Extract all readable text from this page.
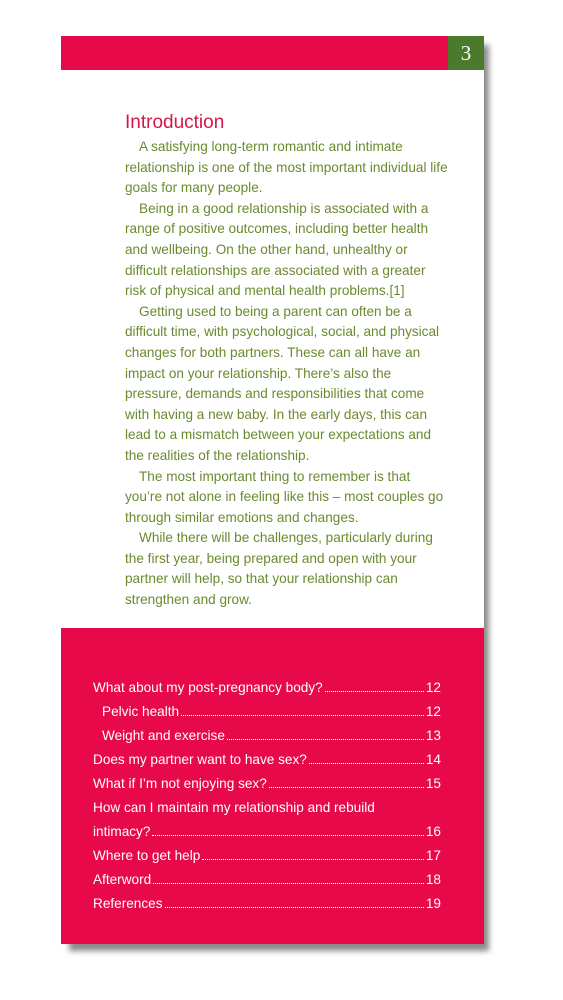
3
Introduction

A satisfying long-term romantic and intimate relationship is one of the most important individual life goals for many people.

Being in a good relationship is associated with a range of positive outcomes, including better health and wellbeing. On the other hand, unhealthy or difficult relationships are associated with a greater risk of physical and mental health problems.[1]

Getting used to being a parent can often be a difficult time, with psychological, social, and physical changes for both partners. These can all have an impact on your relationship. There’s also the pressure, demands and responsibilities that come with having a new baby. In the early days, this can lead to a mismatch between your expectations and the realities of the relationship.

The most important thing to remember is that you’re not alone in feeling like this – most couples go through similar emotions and changes.

While there will be challenges, particularly during the first year, being prepared and open with your partner will help, so that your relationship can strengthen and grow.

What about my post-pregnancy body?	12
Pelvic health	12
Weight and exercise	13
Does my partner want to have sex?	14
What if I’m not enjoying sex?	15
How can I maintain my relationship and rebuild
intimacy?	16
Where to get help	17
Afterword	18
References	19
